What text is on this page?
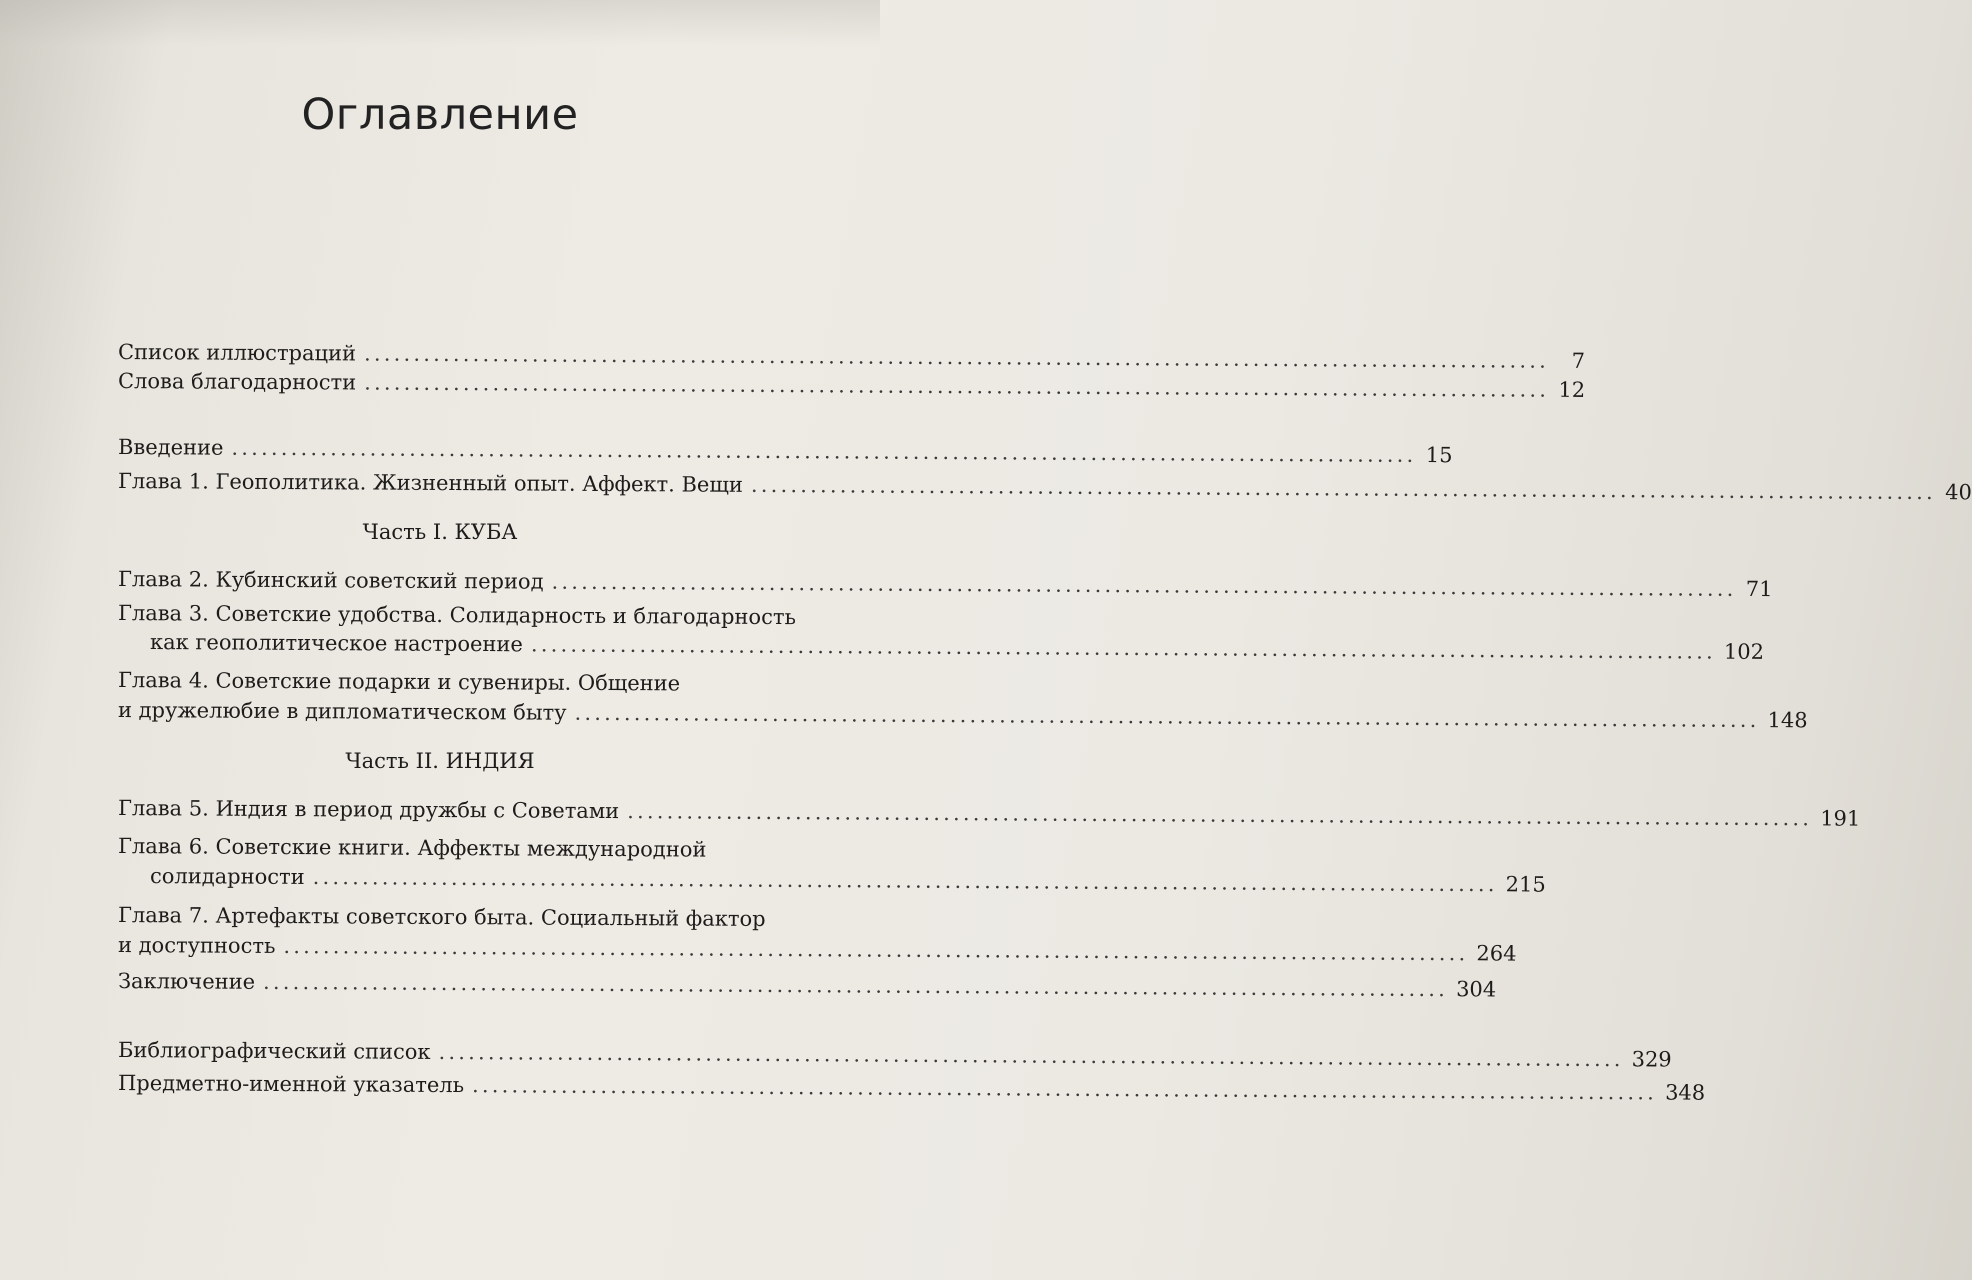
Оглавление
Список иллюстраций ........................................................................................................................	7
Слова благодарности ........................................................................................................................ 12
Введение ........................................................................................................................ 15
Глава 1. Геополитика. Жизненный опыт. Аффект. Вещи ........................................................................................................................ 40
Часть I. КУБА
Глава 2. Кубинский советский период ........................................................................................................................ 71
Глава 3. Советские удобства. Солидарность и благодарность
как геополитическое настроение ........................................................................................................................ 102
Глава 4. Советские подарки и сувениры. Общение
и дружелюбие в дипломатическом быту ........................................................................................................................ 148
Часть II. ИНДИЯ
Глава 5. Индия в период дружбы с Советами ........................................................................................................................ 191
Глава 6. Советские книги. Аффекты международной
солидарности ........................................................................................................................ 215
Глава 7. Артефакты советского быта. Социальный фактор
и доступность ........................................................................................................................ 264
Заключение ........................................................................................................................ 304
Библиографический список ........................................................................................................................ 329
Предметно-именной указатель ........................................................................................................................ 348
